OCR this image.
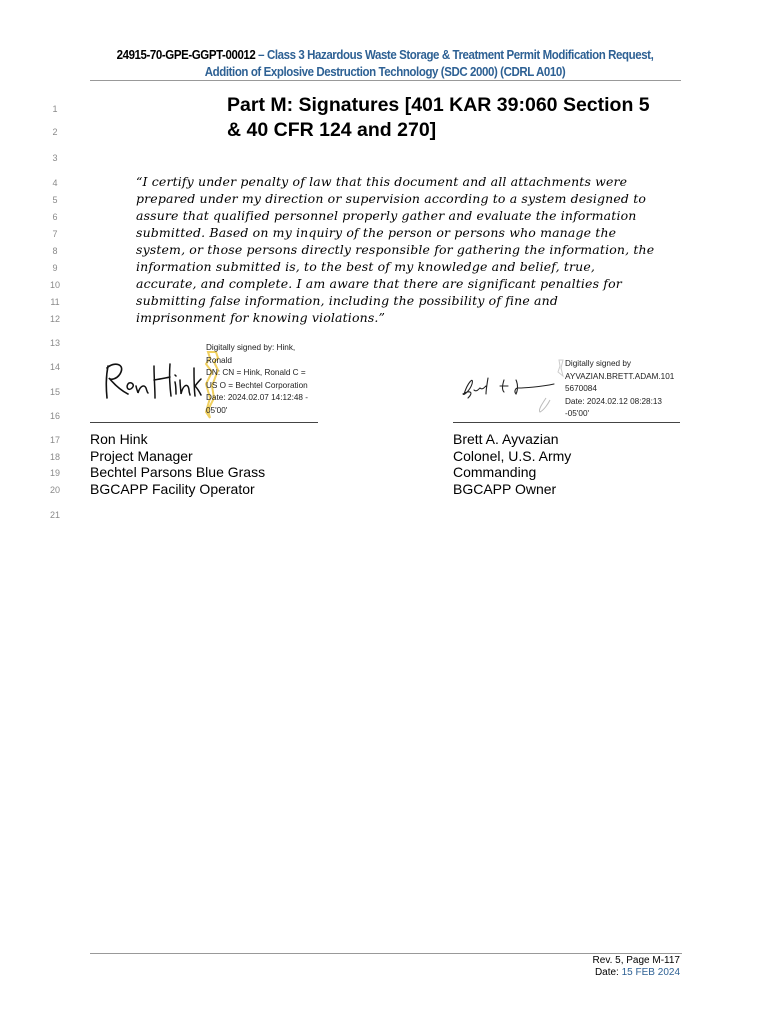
24915-70-GPE-GGPT-00012 – Class 3 Hazardous Waste Storage & Treatment Permit Modification Request,
Addition of Explosive Destruction Technology (SDC 2000) (CDRL A010)
1
2
3
4
5
6
7
8
9
10
11
12
13
14
15
16
17
18
19
20
21
Part M: Signatures [401 KAR 39:060 Section 5
& 40 CFR 124 and 270]
“I certify under penalty of law that this document and all attachments were
prepared under my direction or supervision according to a system designed to
assure that qualified personnel properly gather and evaluate the information
submitted. Based on my inquiry of the person or persons who manage the
system, or those persons directly responsible for gathering the information, the
information submitted is, to the best of my knowledge and belief, true,
accurate, and complete. I am aware that there are significant penalties for
submitting false information, including the possibility of fine and
imprisonment for knowing violations.”
Digitally signed by: Hink,
Ronald
DN: CN = Hink, Ronald C =
US O = Bechtel Corporation
Date: 2024.02.07 14:12:48 -
05'00'
Ron Hink
Project Manager
Bechtel Parsons Blue Grass
BGCAPP Facility Operator
Digitally signed by
AYVAZIAN.BRETT.ADAM.101
5670084
Date: 2024.02.12 08:28:13
-05'00'
Brett A. Ayvazian
Colonel, U.S. Army
Commanding
BGCAPP Owner
Rev. 5, Page M-117
Date: 15 FEB 2024
